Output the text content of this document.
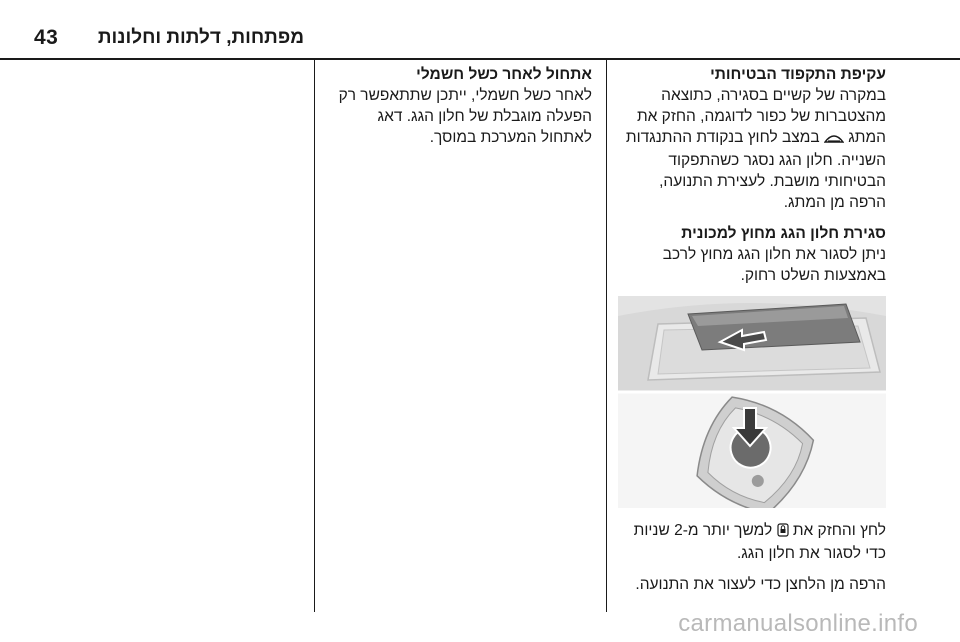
43 מפתחות, דלתות וחלונות

אתחול לאחר כשל חשמלי

לאחר כשל חשמלי, ייתכן שתתאפשר רק הפעלה מוגבלת של חלון הגג. דאג לאתחול המערכת במוסך.

עקיפת התקפוד הבטיחותי

במקרה של קשיים בסגירה, כתוצאה מהצטברות של כפור לדוגמה, החזק את המתג  במצב לחוץ בנקודת ההתנגדות השנייה. חלון הגג נסגר כשהתפקוד הבטיחותי מושבת. לעצירת התנועה, הרפה מן המתג.

סגירת חלון הגג מחוץ למכונית

ניתן לסגור את חלון הגג מחוץ לרכב באמצעות השלט רחוק.

לחץ והחזק את  למשך יותר מ-2 שניות כדי לסגור את חלון הגג.

הרפה מן הלחצן כדי לעצור את התנועה.

carmanualsonline.info
